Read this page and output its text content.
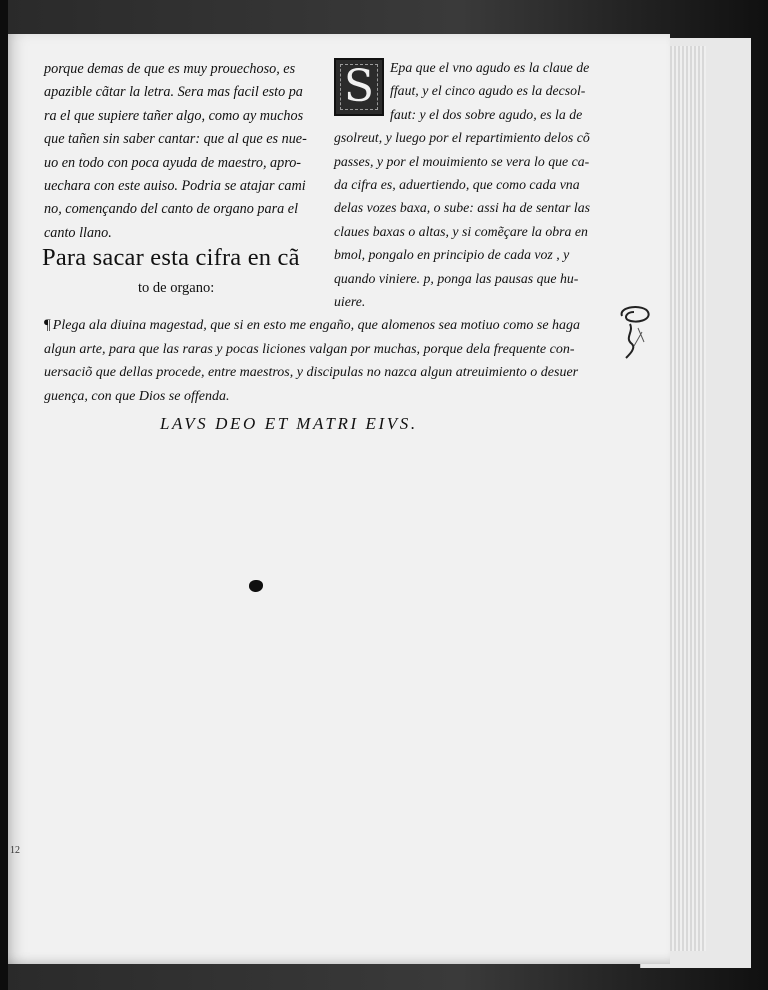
porque demas de que es muy prouechoso, es

apazible cãtar la letra. Sera mas facil esto pa

ra el que supiere tañer algo, como ay muchos

que tañen sin saber cantar: que al que es nue-

uo en todo con poca ayuda de maestro, apro-

uechara con este auiso. Podria se atajar cami

no, començando del canto de organo para el

canto llano.

Para sacar esta cifra en cã
to de organo:
S	Epa que el vno agudo es la claue de

ffaut, y el cinco agudo es la decsol-

faut: y el dos sobre agudo, es la de

gsolreut, y luego por el repartimiento delos cõ

passes, y por el mouimiento se vera lo que ca-

da cifra es, aduertiendo, que como cada vna

delas vozes baxa, o sube: assi ha de sentar las

claues baxas o altas, y si comẽçare la obra en

bmol, pongalo en principio de cada voz , y

quando viniere. p, ponga las pausas que hu-

uiere.

¶ Plega ala diuina magestad, que si en esto me engaño, que alomenos sea motiuo como se haga
algun arte, para que las raras y pocas liciones valgan por muchas, porque dela frequente con-
uersaciõ que dellas procede, entre maestros, y discipulas no nazca algun atreuimiento o desuer
guença, con que Dios se offenda.
LAVS DEO ET MATRI EIVS.
12
